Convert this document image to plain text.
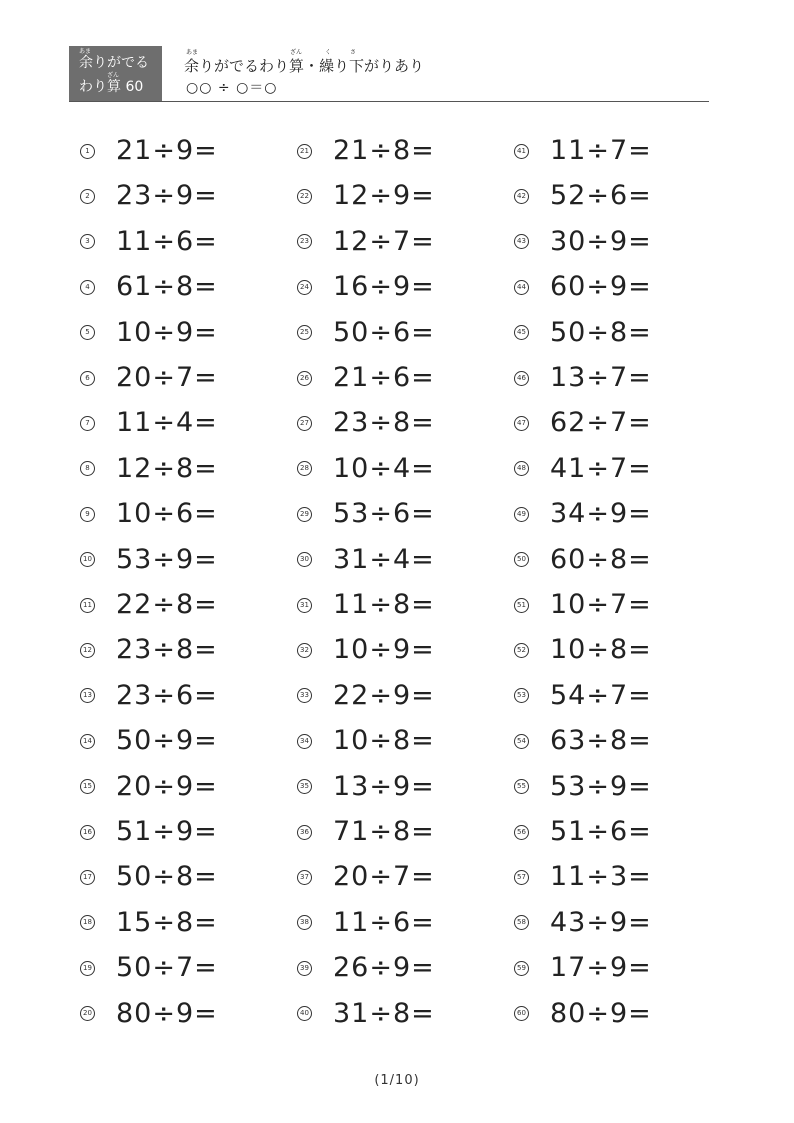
あま
余りがでる
ざん
わり算 60
あま	ざん	く	さ
余りがでるわり算・繰り下がりあり
○○ ÷ ○＝○
1 21÷9=
2 23÷9=
3 11÷6=
4 61÷8=
5 10÷9=
6 20÷7=
7 11÷4=
8 12÷8=
9 10÷6=
10 53÷9=
11 22÷8=
12 23÷8=
13 23÷6=
14 50÷9=
15 20÷9=
16 51÷9=
17 50÷8=
18 15÷8=
19 50÷7=
20 80÷9=
21 21÷8=
22 12÷9=
23 12÷7=
24 16÷9=
25 50÷6=
26 21÷6=
27 23÷8=
28 10÷4=
29 53÷6=
30 31÷4=
31 11÷8=
32 10÷9=
33 22÷9=
34 10÷8=
35 13÷9=
36 71÷8=
37 20÷7=
38 11÷6=
39 26÷9=
40 31÷8=
41 11÷7=
42 52÷6=
43 30÷9=
44 60÷9=
45 50÷8=
46 13÷7=
47 62÷7=
48 41÷7=
49 34÷9=
50 60÷8=
51 10÷7=
52 10÷8=
53 54÷7=
54 63÷8=
55 53÷9=
56 51÷6=
57 11÷3=
58 43÷9=
59 17÷9=
60 80÷9=
(1/10)
